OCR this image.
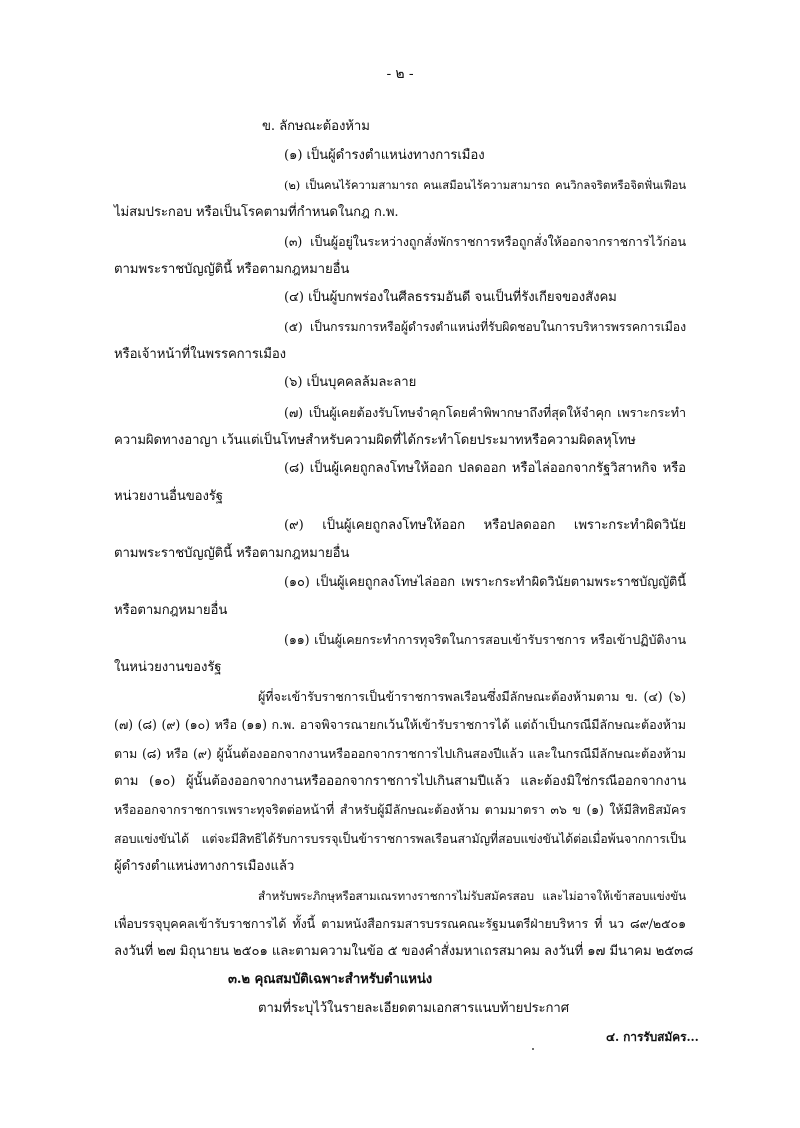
- ๒ -
ข. ลักษณะต้องห้าม
(๑) เป็นผู้ดำรงตำแหน่งทางการเมือง
(๒) เป็นคนไร้ความสามารถ คนเสมือนไร้ความสามารถ คนวิกลจริตหรือจิตฟั่นเฟือน
ไม่สมประกอบ หรือเป็นโรคตามที่กำหนดในกฎ ก.พ.
(๓) เป็นผู้อยู่ในระหว่างถูกสั่งพักราชการหรือถูกสั่งให้ออกจากราชการไว้ก่อน
ตามพระราชบัญญัตินี้ หรือตามกฎหมายอื่น
(๔) เป็นผู้บกพร่องในศีลธรรมอันดี จนเป็นที่รังเกียจของสังคม
(๕) เป็นกรรมการหรือผู้ดำรงตำแหน่งที่รับผิดชอบในการบริหารพรรคการเมือง
หรือเจ้าหน้าที่ในพรรคการเมือง
(๖) เป็นบุคคลล้มละลาย
(๗) เป็นผู้เคยต้องรับโทษจำคุกโดยคำพิพากษาถึงที่สุดให้จำคุก เพราะกระทำ
ความผิดทางอาญา เว้นแต่เป็นโทษสำหรับความผิดที่ได้กระทำโดยประมาทหรือความผิดลหุโทษ
(๘) เป็นผู้เคยถูกลงโทษให้ออก ปลดออก หรือไล่ออกจากรัฐวิสาหกิจ หรือ
หน่วยงานอื่นของรัฐ
(๙) เป็นผู้เคยถูกลงโทษให้ออก หรือปลดออก เพราะกระทำผิดวินัย
ตามพระราชบัญญัตินี้ หรือตามกฎหมายอื่น
(๑๐) เป็นผู้เคยถูกลงโทษไล่ออก เพราะกระทำผิดวินัยตามพระราชบัญญัตินี้
หรือตามกฎหมายอื่น
(๑๑) เป็นผู้เคยกระทำการทุจริตในการสอบเข้ารับราชการ หรือเข้าปฏิบัติงาน
ในหน่วยงานของรัฐ
ผู้ที่จะเข้ารับราชการเป็นข้าราชการพลเรือนซึ่งมีลักษณะต้องห้ามตาม ข. (๔) (๖)
(๗) (๘) (๙) (๑๐) หรือ (๑๑) ก.พ. อาจพิจารณายกเว้นให้เข้ารับราชการได้ แต่ถ้าเป็นกรณีมีลักษณะต้องห้าม
ตาม (๘) หรือ (๙) ผู้นั้นต้องออกจากงานหรือออกจากราชการไปเกินสองปีแล้ว และในกรณีมีลักษณะต้องห้าม
ตาม (๑๐) ผู้นั้นต้องออกจากงานหรือออกจากราชการไปเกินสามปีแล้ว และต้องมิใช่กรณีออกจากงาน
หรือออกจากราชการเพราะทุจริตต่อหน้าที่ สำหรับผู้มีลักษณะต้องห้าม ตามมาตรา ๓๖ ข (๑) ให้มีสิทธิสมัคร
สอบแข่งขันได้ แต่จะมีสิทธิได้รับการบรรจุเป็นข้าราชการพลเรือนสามัญที่สอบแข่งขันได้ต่อเมื่อพ้นจากการเป็น
ผู้ดำรงตำแหน่งทางการเมืองแล้ว
สำหรับพระภิกษุหรือสามเณรทางราชการไม่รับสมัครสอบ และไม่อาจให้เข้าสอบแข่งขัน
เพื่อบรรจุบุคคลเข้ารับราชการได้ ทั้งนี้ ตามหนังสือกรมสารบรรณคณะรัฐมนตรีฝ่ายบริหาร ที่ นว ๘๙/๒๕๐๑
ลงวันที่ ๒๗ มิถุนายน ๒๕๐๑ และตามความในข้อ ๕ ของคำสั่งมหาเถรสมาคม ลงวันที่ ๑๗ มีนาคม ๒๕๓๘
๓.๒ คุณสมบัติเฉพาะสำหรับตำแหน่ง
ตามที่ระบุไว้ในรายละเอียดตามเอกสารแนบท้ายประกาศ
๔. การรับสมัคร...
